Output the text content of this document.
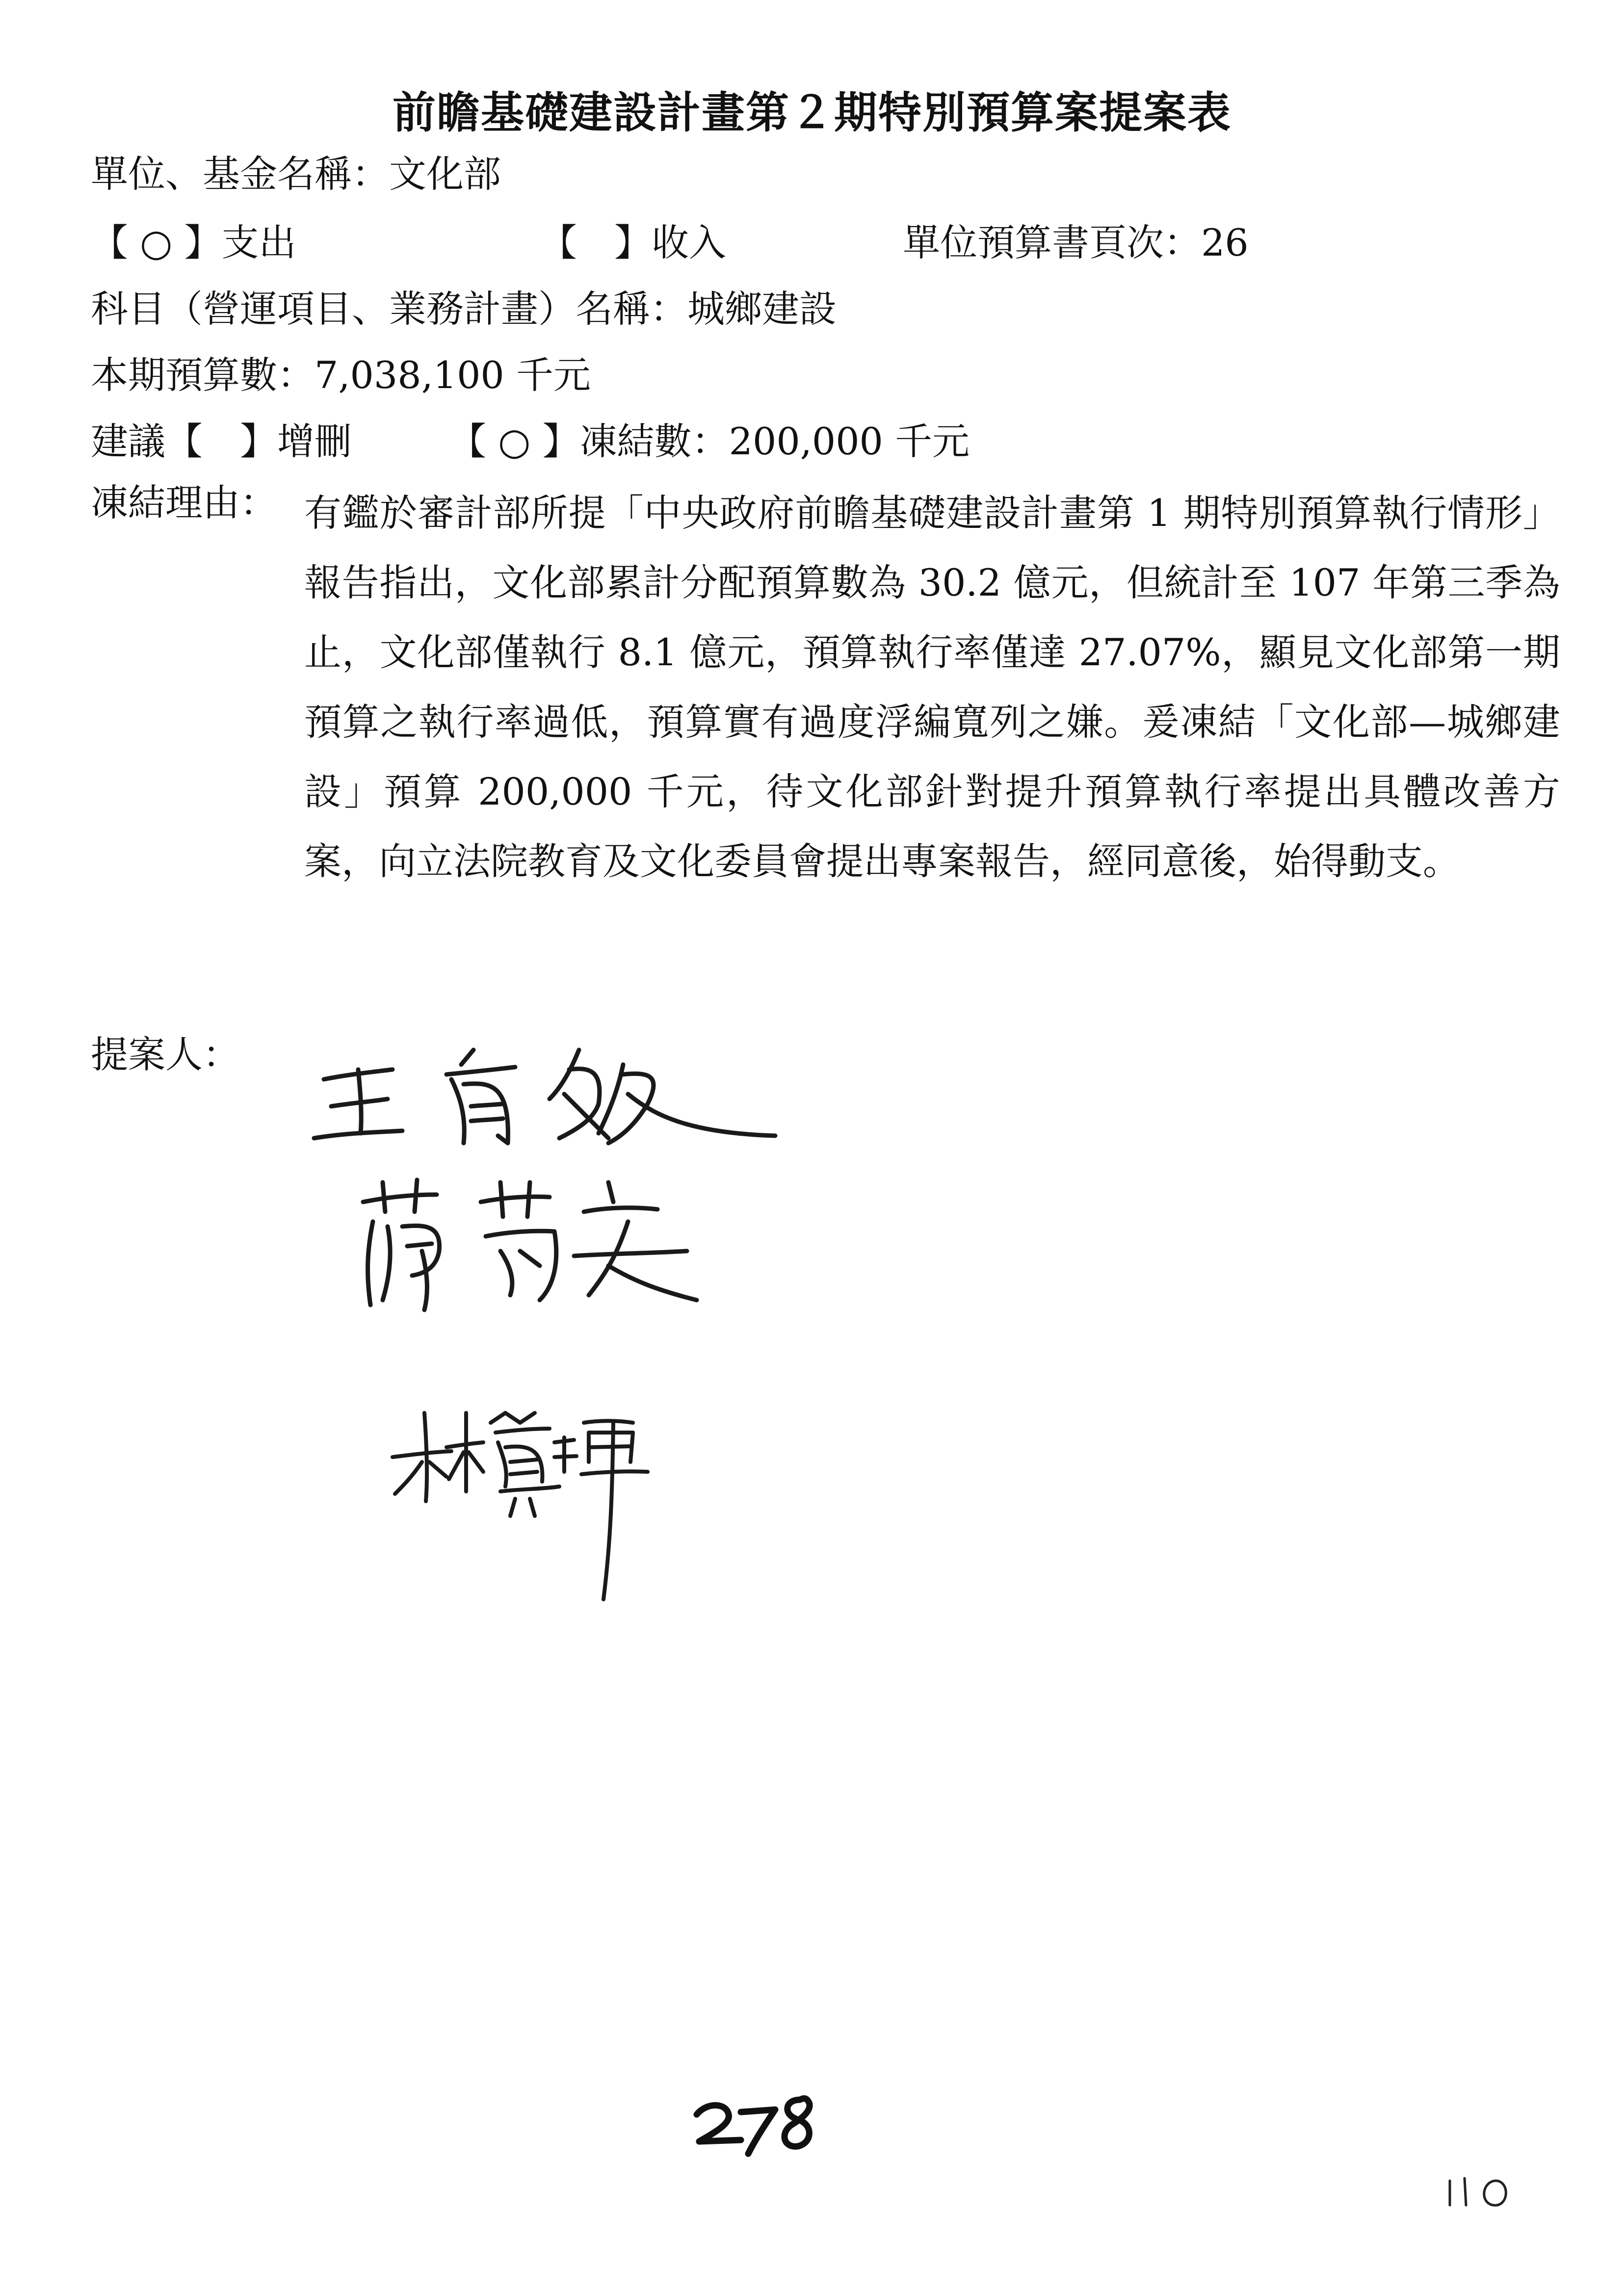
前瞻基礎建設計畫第２期特別預算案提案表
單位、基金名稱：文化部
【 ○ 】支出	【　】收入	單位預算書頁次：26
科目（營運項目、業務計畫）名稱：城鄉建設
本期預算數：7,038,100 千元
建議【　】增刪	【 ○ 】凍結數：200,000 千元
凍結理由： 有鑑於審計部所提「中央政府前瞻基礎建設計畫第 1 期特別預算執行情形」報告指出，文化部累計分配預算數為 30.2 億元，但統計至 107 年第三季為止，文化部僅執行 8.1 億元，預算執行率僅達 27.07%，顯見文化部第一期預算之執行率過低，預算實有過度浮編寬列之嫌。爰凍結「文化部—城鄉建設」預算 200,000 千元，待文化部針對提升預算執行率提出具體改善方案，向立法院教育及文化委員會提出專案報告，經同意後，始得動支。
提案人：
